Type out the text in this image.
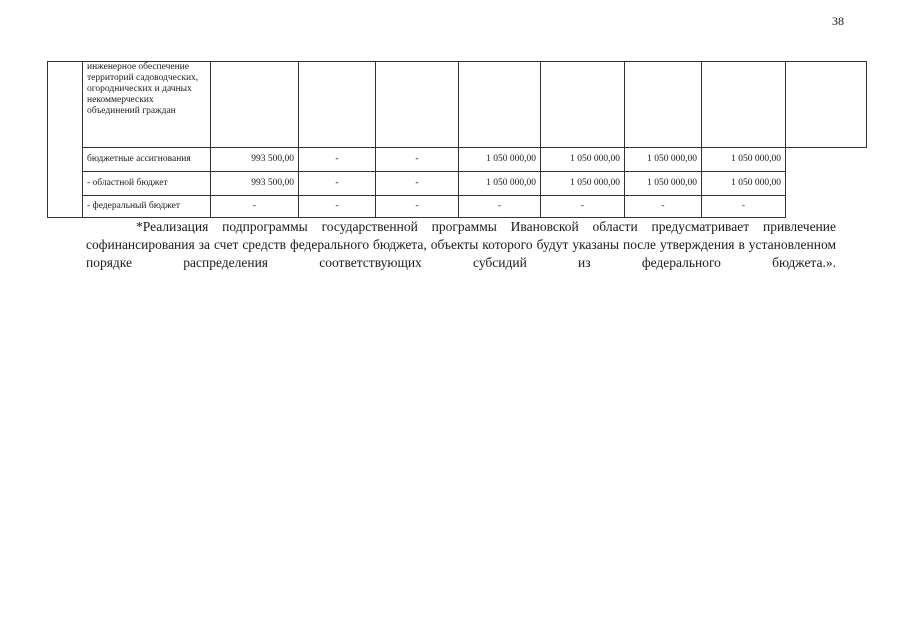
38
	инженерное обеспечение территорий садоводческих, огороднических и дачных некоммерческих объединений граждан								
	бюджетные ассигнования	993 500,00	-	-	1 050 000,00	1 050 000,00	1 050 000,00	1 050 000,00	
	- областной бюджет	993 500,00	-	-	1 050 000,00	1 050 000,00	1 050 000,00	1 050 000,00	
	- федеральный бюджет	-	-	-	-	-	-	-	

*Реализация подпрограммы государственной программы Ивановской области предусматривает привлечение софинансирования за счет средств федерального бюджета, объекты которого будут указаны после утверждения в установленном порядке распределения соответствующих субсидий из федерального бюджета.».
